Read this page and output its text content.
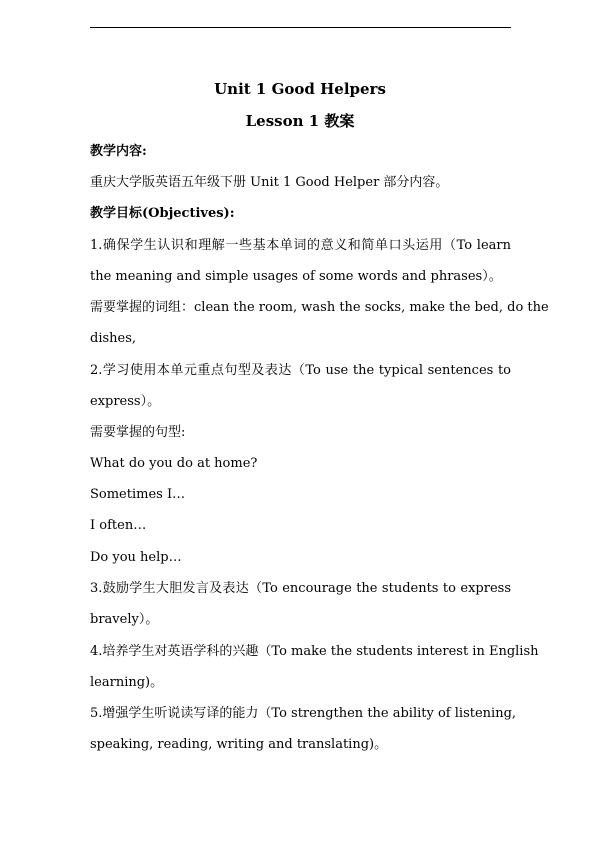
Unit 1 Good Helpers
Lesson 1 教案
教学内容:
重庆大学版英语五年级下册 Unit 1 Good Helper 部分内容。
教学目标(Objectives):
1.确保学生认识和理解一些基本单词的意义和简单口头运用（To learn
the meaning and simple usages of some words and phrases）。
需要掌握的词组：clean the room, wash the socks, make the bed, do the
dishes,
2.学习使用本单元重点句型及表达（To use the typical sentences to
express）。
需要掌握的句型:
What do you do at home?
Sometimes I…
I often…
Do you help…
3.鼓励学生大胆发言及表达（To encourage the students to express
bravely）。
4.培养学生对英语学科的兴趣（To make the students interest in English
learning)。
5.增强学生听说读写译的能力（To strengthen the ability of listening,
speaking, reading, writing and translating)。
